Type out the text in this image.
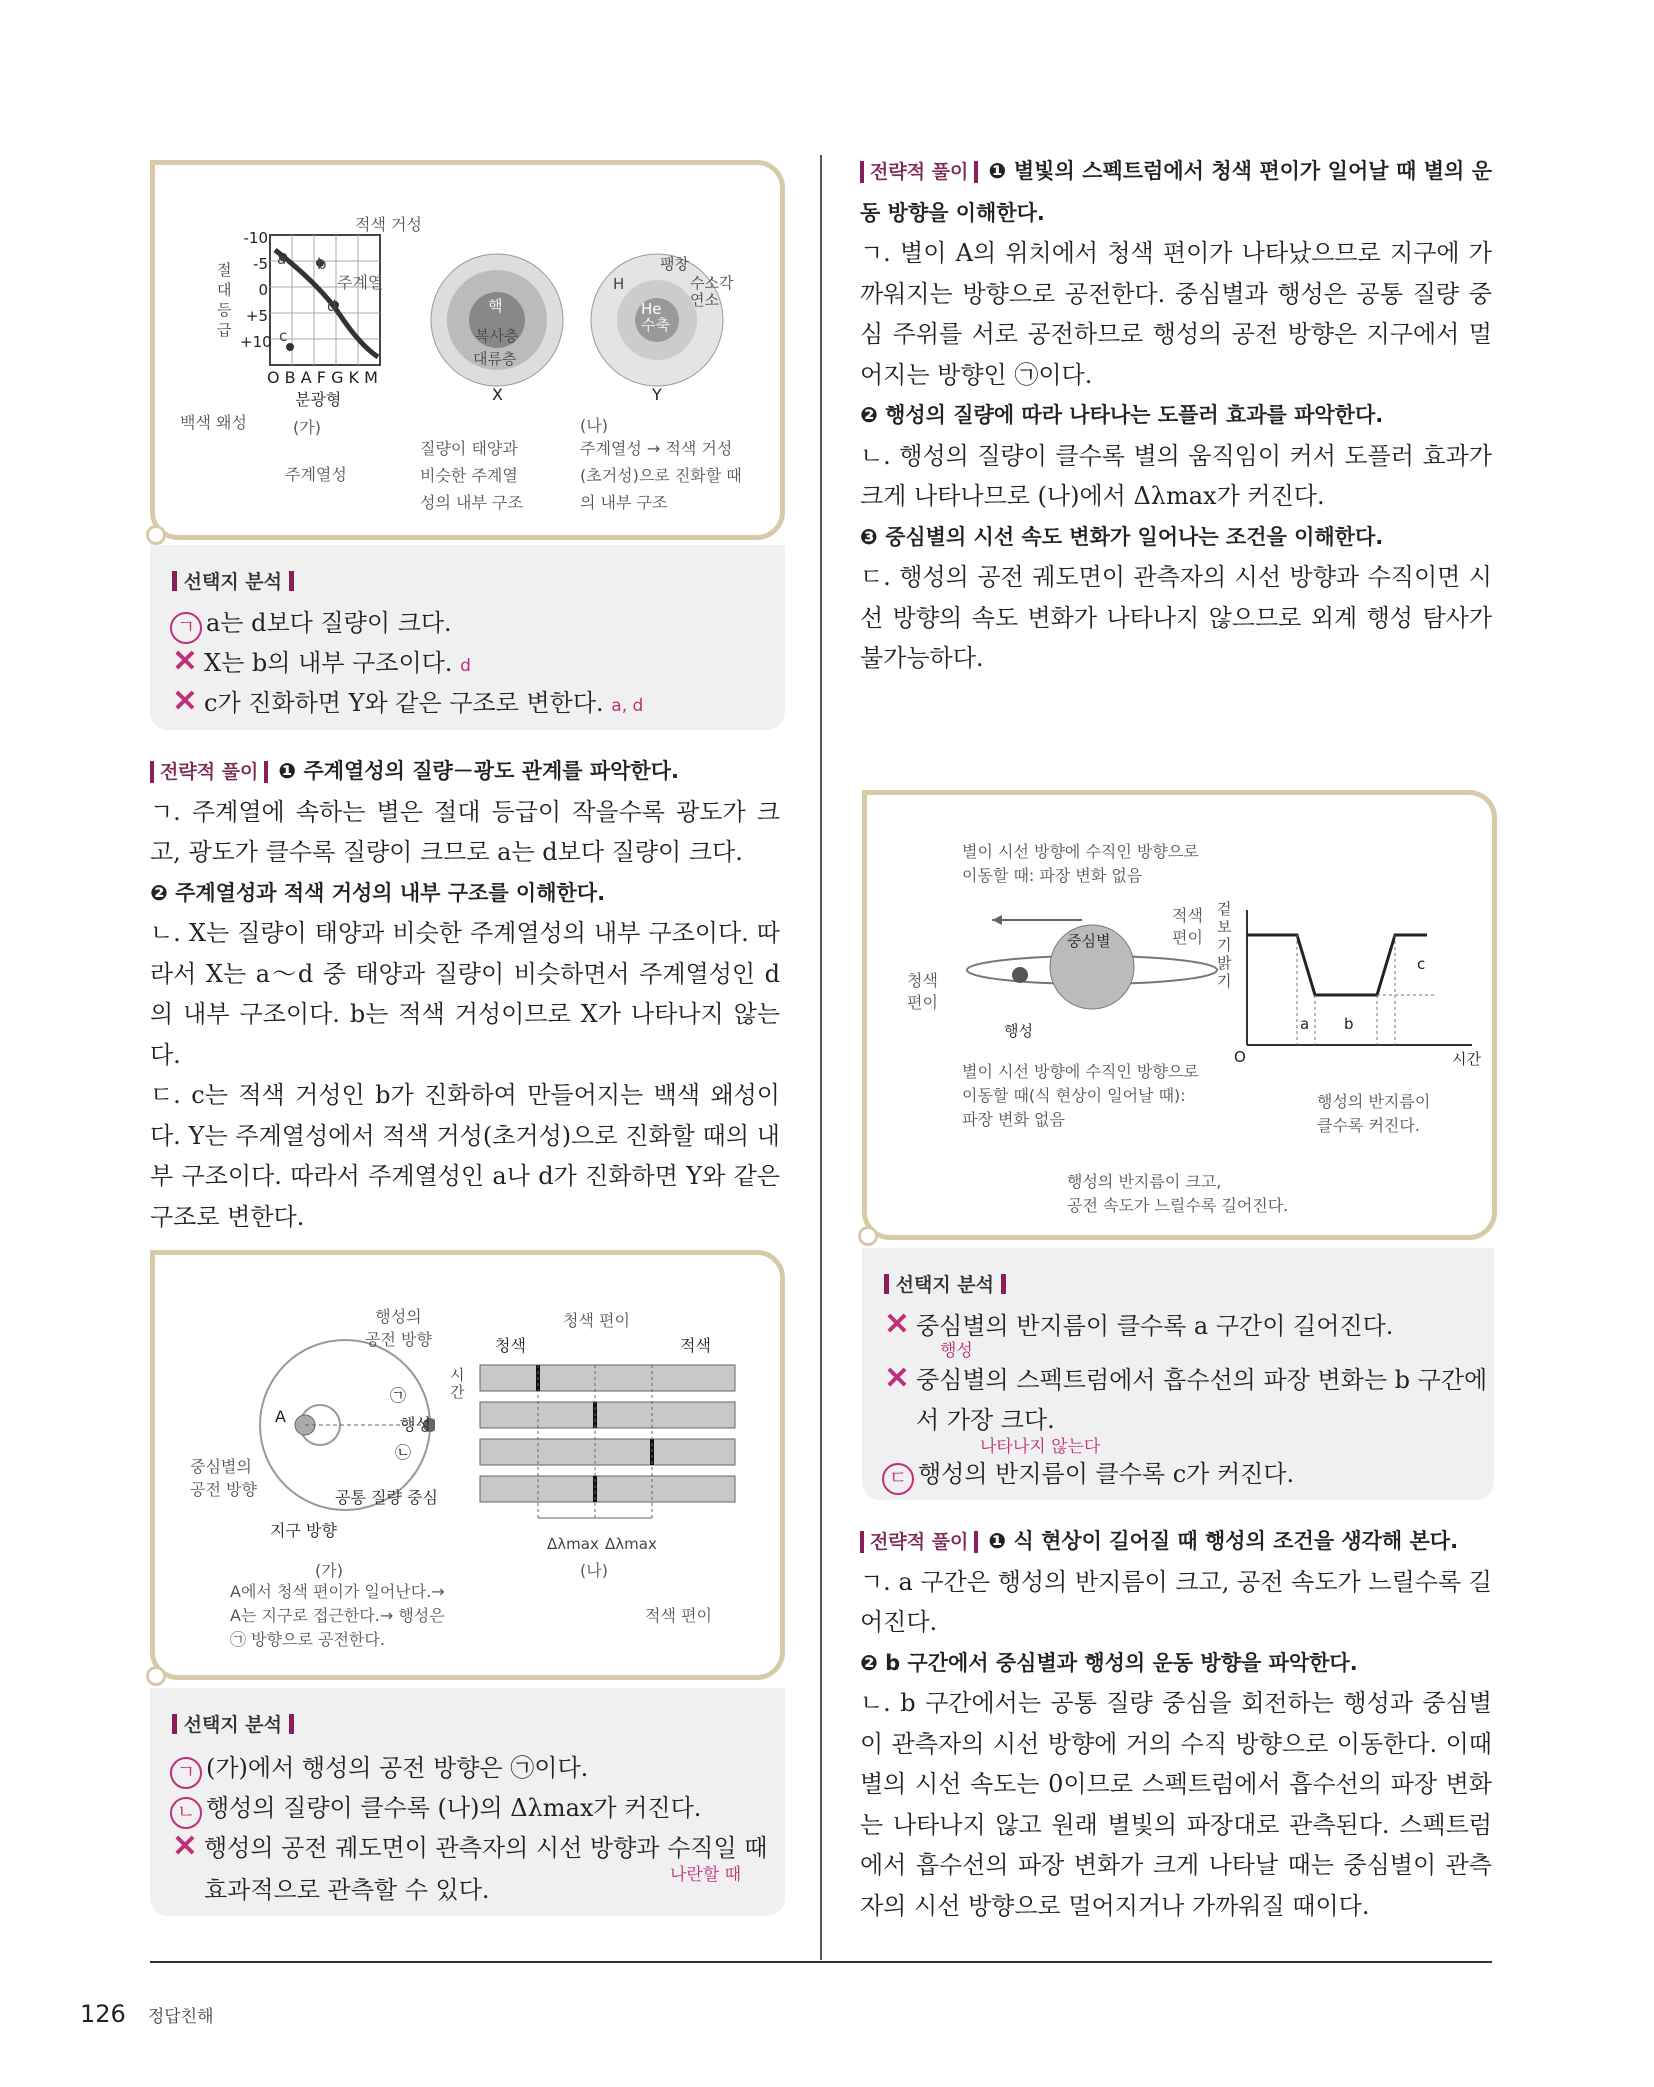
a b
c
d
적색 거성
주계열
절대 등급
-10
-5
0
+5
+10
O B A F G K M
분광형
백색 왜성	(가)
주계열성
핵
복사층
대류층
X
팽창
H	수소각 연소
He 수축
Y
질량이 태양과
비슷한 주계열
성의 내부 구조
(나)
주계열성 → 적색 거성
(초거성)으로 진화할 때
의 내부 구조
선택지 분석
ㄱ a는 d보다 질량이 크다.
✕ X는 b의 내부 구조이다. d
✕ c가 진화하면 Y와 같은 구조로 변한다. a, d

전략적 풀이 ❶ 주계열성의 질량－광도 관계를 파악한다.

ㄱ. 주계열에 속하는 별은 절대 등급이 작을수록 광도가 크고, 광도가 클수록 질량이 크므로 a는 d보다 질량이 크다.

❷ 주계열성과 적색 거성의 내부 구조를 이해한다.

ㄴ. X는 질량이 태양과 비슷한 주계열성의 내부 구조이다. 따라서 X는 a～d 중 태양과 질량이 비슷하면서 주계열성인 d의 내부 구조이다. b는 적색 거성이므로 X가 나타나지 않는다.

ㄷ. c는 적색 거성인 b가 진화하여 만들어지는 백색 왜성이다. Y는 주계열성에서 적색 거성(초거성)으로 진화할 때의 내부 구조이다. 따라서 주계열성인 a나 d가 진화하면 Y와 같은 구조로 변한다.

행성의
공전 방향
A	행성
㉠
㉡
중심별의
공전 방향	공통 질량 중심
지구 방향
(가)
A에서 청색 편이가 일어난다.→
A는 지구로 접근한다.→ 행성은
㉠ 방향으로 공전한다.
청색 편이
청색	적색
시간
Δλmax Δλmax
(나)
적색 편이
선택지 분석
ㄱ (가)에서 행성의 공전 방향은 ㉠이다.
ㄴ 행성의 질량이 클수록 (나)의 Δλmax가 커진다.
✕ 행성의 공전 궤도면이 관측자의 시선 방향과 수직일 때
나란할 때
효과적으로 관측할 수 있다.

전략적 풀이 ❶ 별빛의 스펙트럼에서 청색 편이가 일어날 때 별의 운동 방향을 이해한다.

ㄱ. 별이 A의 위치에서 청색 편이가 나타났으므로 지구에 가까워지는 방향으로 공전한다. 중심별과 행성은 공통 질량 중심 주위를 서로 공전하므로 행성의 공전 방향은 지구에서 멀어지는 방향인 ㉠이다.

❷ 행성의 질량에 따라 나타나는 도플러 효과를 파악한다.

ㄴ. 행성의 질량이 클수록 별의 움직임이 커서 도플러 효과가 크게 나타나므로 (나)에서 Δλmax가 커진다.

❸ 중심별의 시선 속도 변화가 일어나는 조건을 이해한다.

ㄷ. 행성의 공전 궤도면이 관측자의 시선 방향과 수직이면 시선 방향의 속도 변화가 나타나지 않으므로 외계 행성 탐사가 불가능하다.

별이 시선 방향에 수직인 방향으로
이동할 때: 파장 변화 없음
중심별
행성
청색
편이
적색
편이
겉보기 밝기
O	시간
a b
c
별이 시선 방향에 수직인 방향으로
이동할 때(식 현상이 일어날 때):
파장 변화 없음
행성의 반지름이
클수록 커진다.
행성의 반지름이 크고,
공전 속도가 느릴수록 길어진다.
선택지 분석
✕ 중심별의 반지름이 클수록 a 구간이 길어진다.
행성
✕ 중심별의 스펙트럼에서 흡수선의 파장 변화는 b 구간에
서 가장 크다.
나타나지 않는다
ㄷ 행성의 반지름이 클수록 c가 커진다.

전략적 풀이 ❶ 식 현상이 길어질 때 행성의 조건을 생각해 본다.

ㄱ. a 구간은 행성의 반지름이 크고, 공전 속도가 느릴수록 길어진다.

❷ b 구간에서 중심별과 행성의 운동 방향을 파악한다.

ㄴ. b 구간에서는 공통 질량 중심을 회전하는 행성과 중심별이 관측자의 시선 방향에 거의 수직 방향으로 이동한다. 이때 별의 시선 속도는 0이므로 스펙트럼에서 흡수선의 파장 변화는 나타나지 않고 원래 별빛의 파장대로 관측된다. 스펙트럼에서 흡수선의 파장 변화가 크게 나타날 때는 중심별이 관측자의 시선 방향으로 멀어지거나 가까워질 때이다.

126 정답친해
